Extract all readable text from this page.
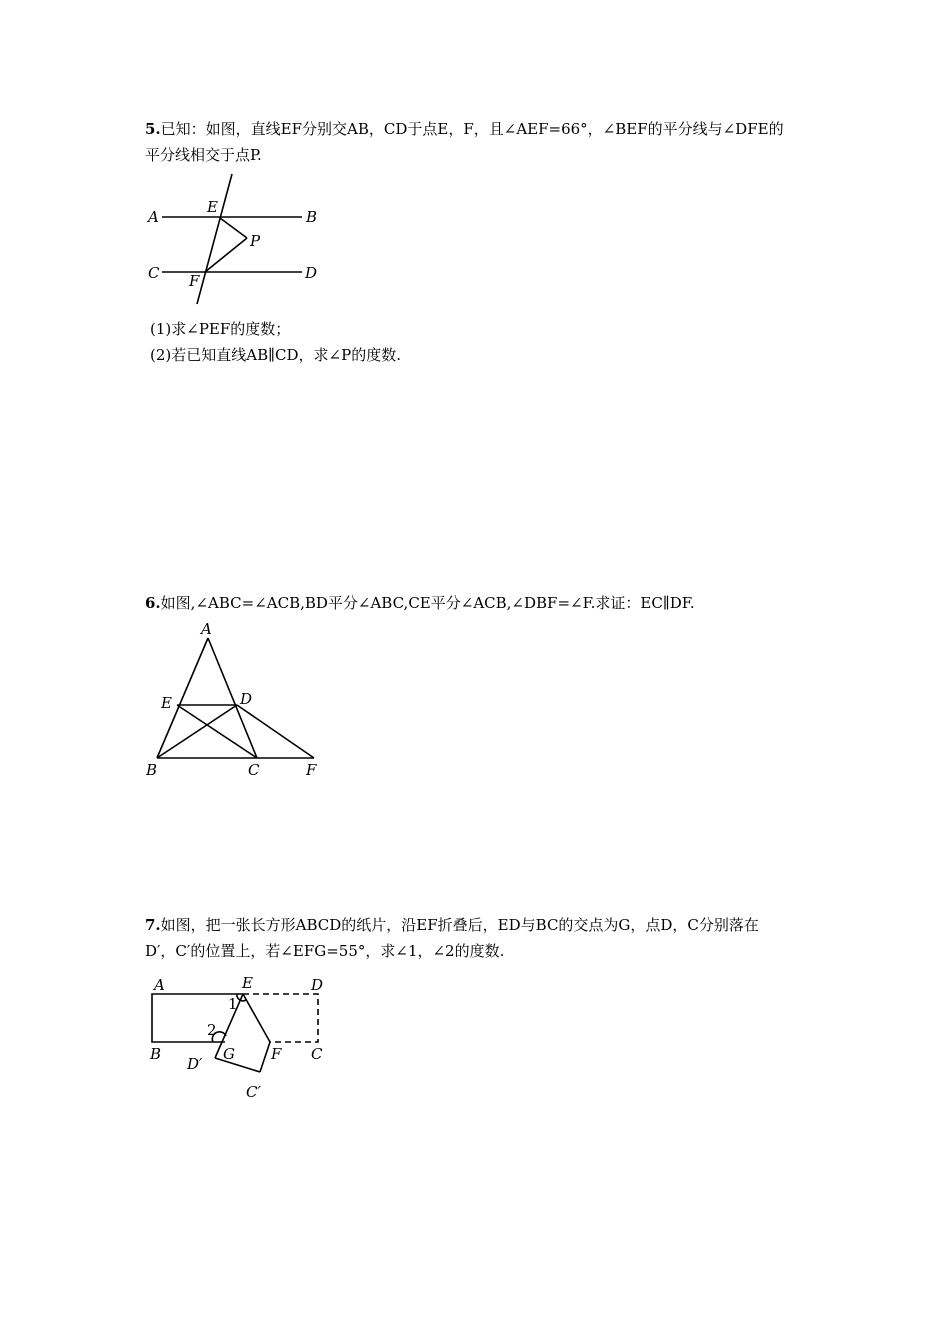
5.已知：如图，直线EF分别交AB，CD于点E，F，且∠AEF=66°，∠BEF的平分线与∠DFE的
平分线相交于点P.
A	B
C	D
E
F
P
(1)求∠PEF的度数；
(2)若已知直线AB∥CD，求∠P的度数.
6.如图,∠ABC=∠ACB,BD平分∠ABC,CE平分∠ACB,∠DBF=∠F.求证：EC∥DF.
A
B	C
D
E
F
7.如图，把一张长方形ABCD的纸片，沿EF折叠后，ED与BC的交点为G，点D，C分别落在
D′，C′的位置上，若∠EFG=55°，求∠1，∠2的度数.
A
B	C
D
E
F
G
D′
C′
1
2
